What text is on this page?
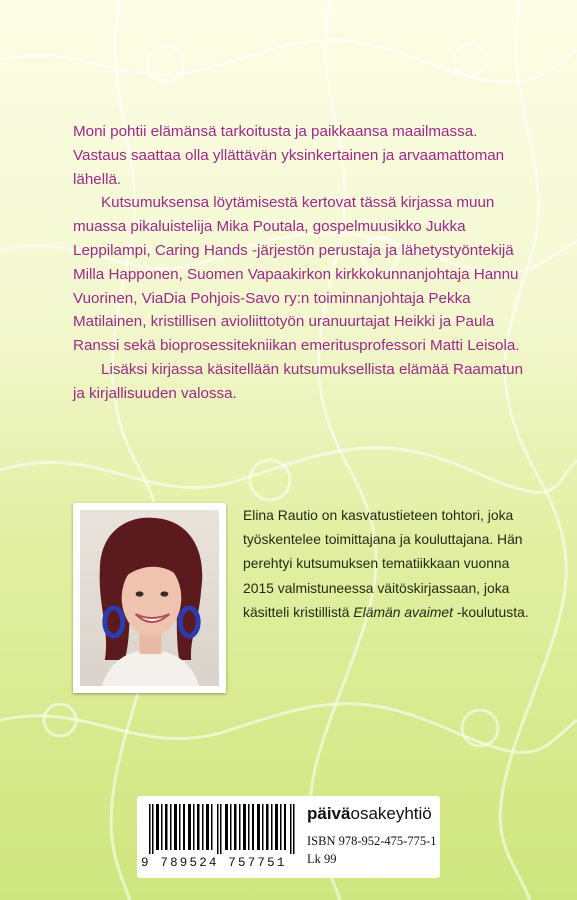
Moni pohtii elämänsä tarkoitusta ja paikkaansa maailmassa. Vastaus saattaa olla yllättävän yksinkertainen ja arvaamattoman lähellä.

Kutsumuksensa löytämisestä kertovat tässä kirjassa muun muassa pikaluistelija Mika Poutala, gospelmuusikko Jukka Leppilampi, Caring Hands -järjestön perustaja ja lähetystyöntekijä Milla Happonen, Suomen Vapaakirkon kirkkokunnanjohtaja Hannu Vuorinen, ViaDia Pohjois-Savo ry:n toiminnanjohtaja Pekka Matilainen, kristillisen avioliittotyön uranuurtajat Heikki ja Paula Ranssi sekä bioprosessitekniikan emeritusprofessori Matti Leisola.

Lisäksi kirjassa käsitellään kutsumuksellista elämää Raamatun ja kirjallisuuden valossa.

Elina Rautio on kasvatustieteen tohtori, joka työskentelee toimittajana ja kouluttajana. Hän perehtyi kutsumuksen tematiikkaan vuonna 2015 valmistuneessa väitöskirjassaan, joka käsitteli kristillistä Elämän avaimet -koulutusta.

9 789524 757751
päiväosakeyhtiö
ISBN 978-952-475-775-1
Lk 99
